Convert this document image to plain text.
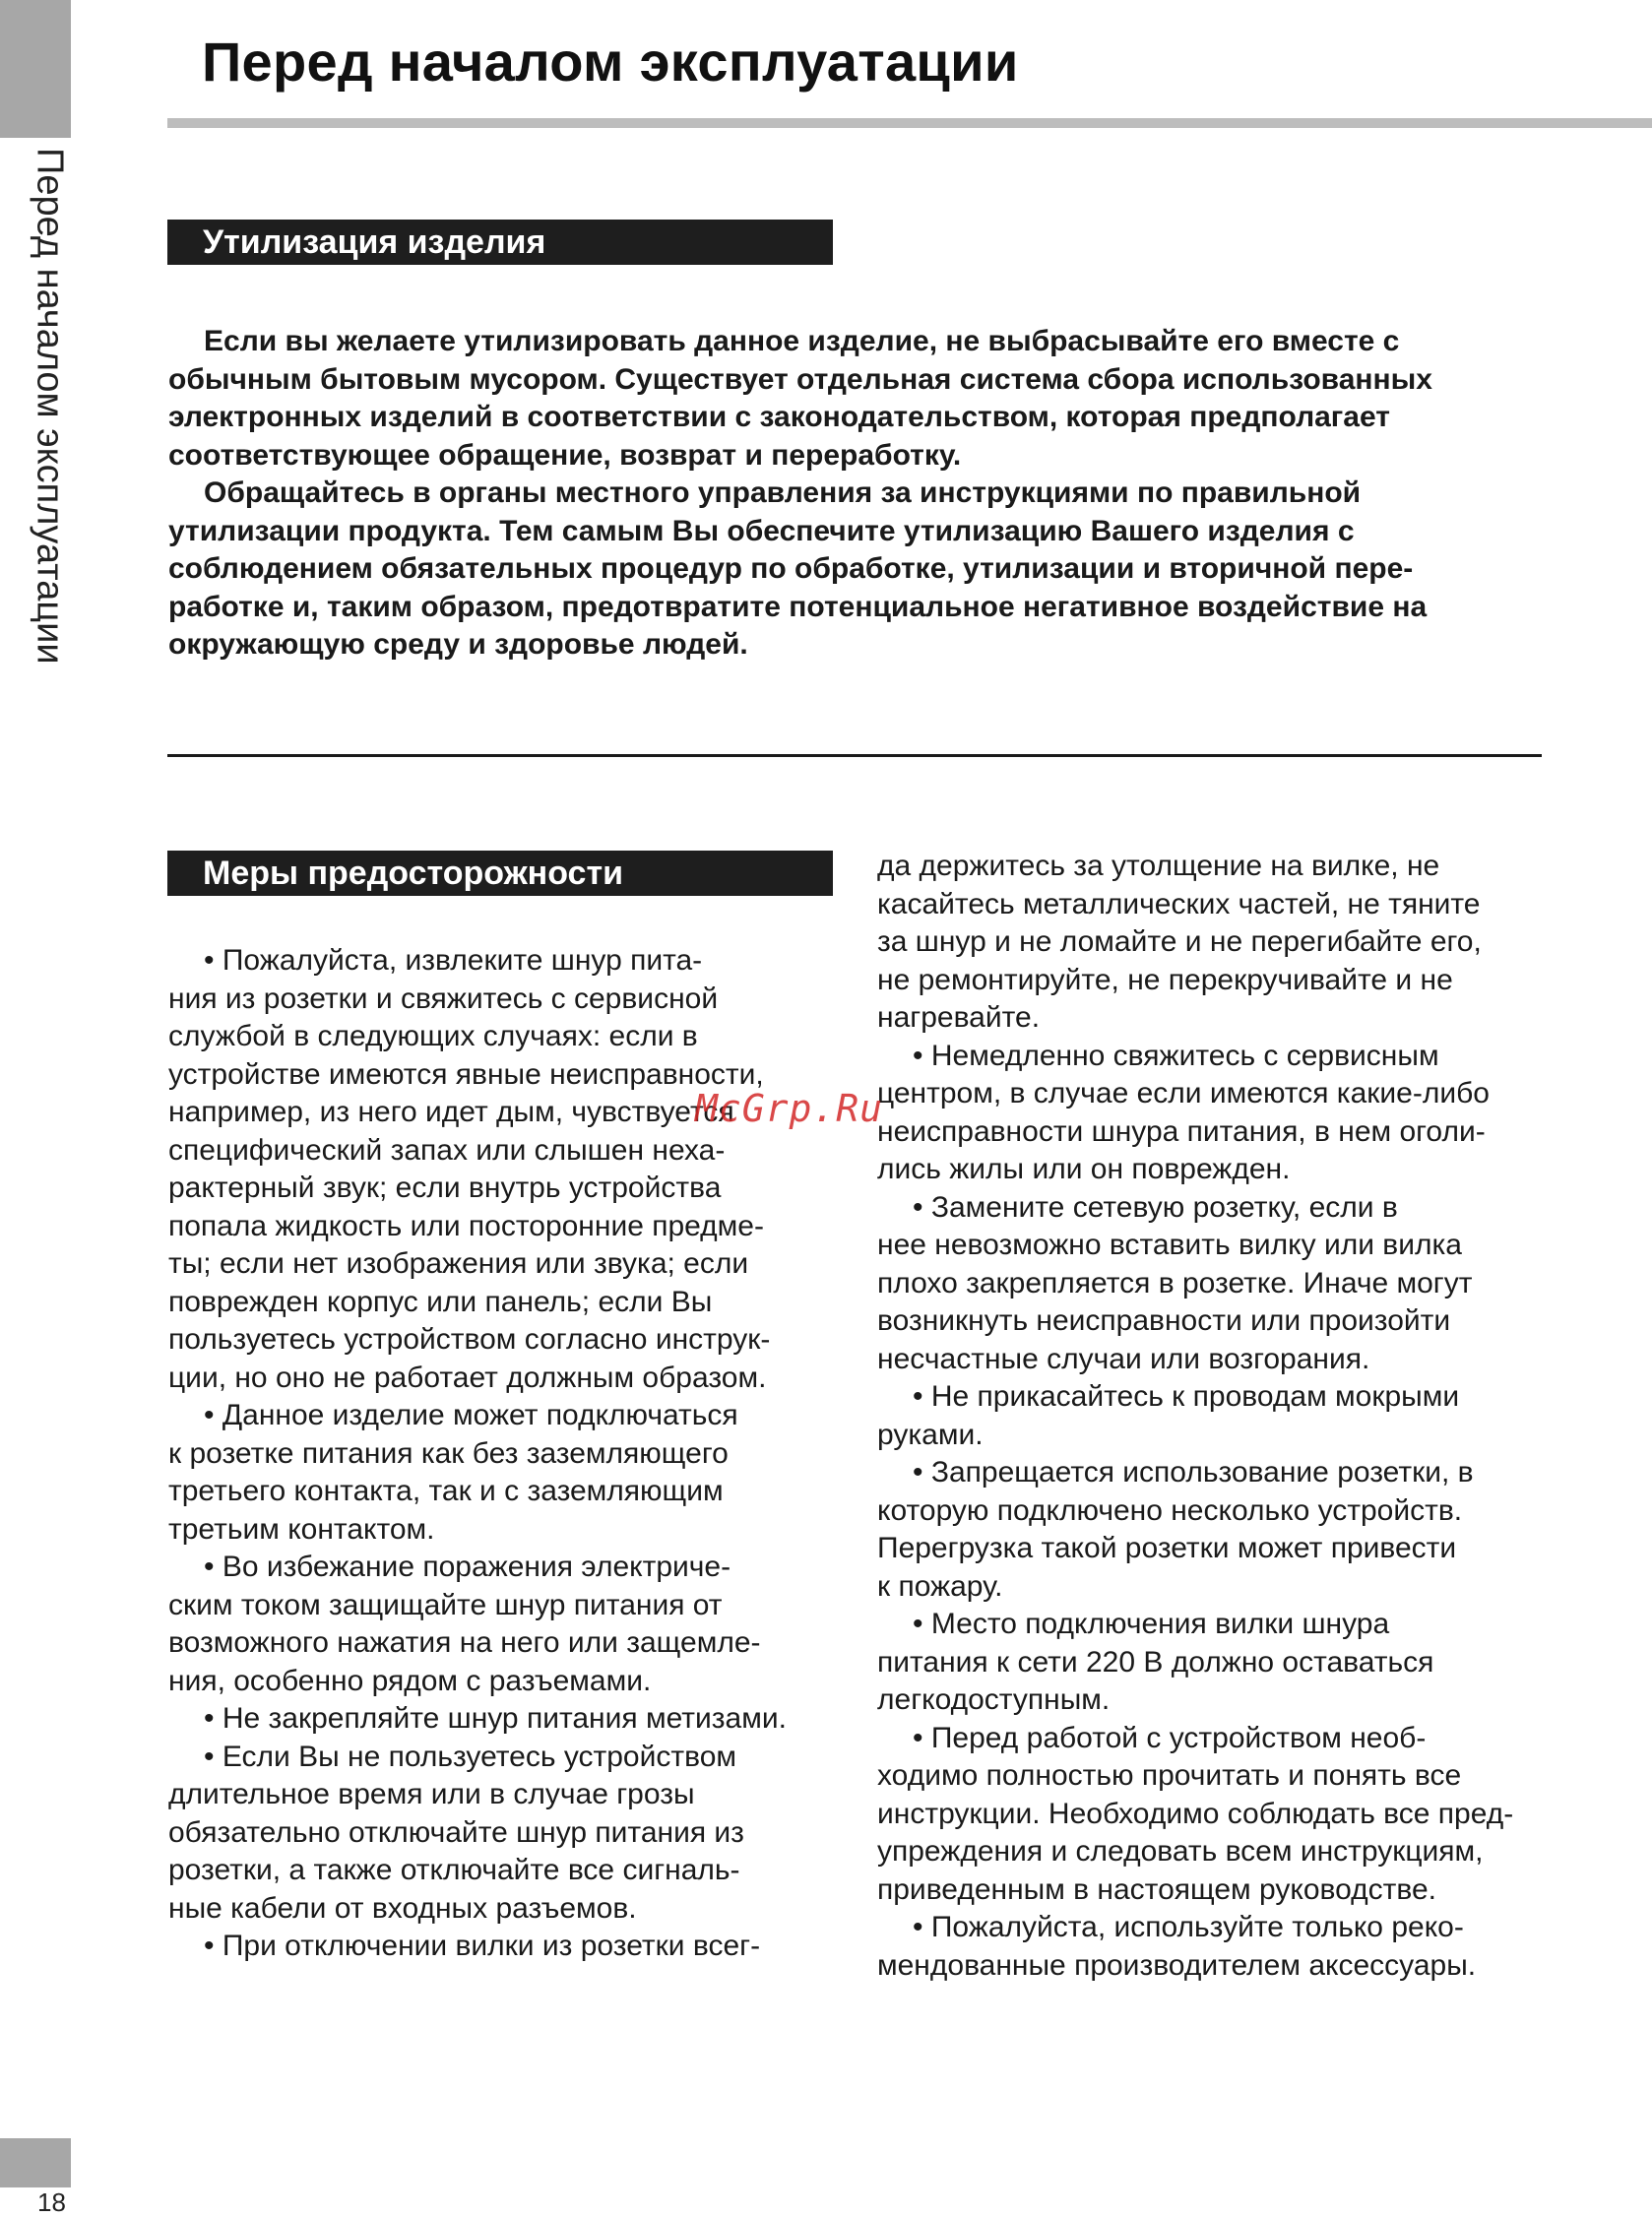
Перед началом эксплуатации
Перед началом эксплуатации
Утилизация изделия

Если вы желаете утилизировать данное изделие, не выбрасывайте его вместе с

обычным бытовым мусором. Существует отдельная система сбора использованных

электронных изделий в соответствии с законодательством, которая предполагает

соответствующее обращение, возврат и переработку.

Обращайтесь в органы местного управления за инструкциями по правильной

утилизации продукта. Тем самым Вы обеспечите утилизацию Вашего изделия с

соблюдением обязательных процедур по обработке, утилизации и вторичной пере-

работке и, таким образом, предотвратите потенциальное негативное воздействие на

окружающую среду и здоровье людей.

Меры предосторожности

• Пожалуйста, извлеките шнур пита-

ния из розетки и свяжитесь с сервисной

службой в следующих случаях: если в

устройстве имеются явные неисправности,

например, из него идет дым, чувствуется

специфический запах или слышен неха-

рактерный звук; если внутрь устройства

попала жидкость или посторонние предме-

ты; если нет изображения или звука; если

поврежден корпус или панель; если Вы

пользуетесь устройством согласно инструк-

ции, но оно не работает должным образом.

• Данное изделие может подключаться

к розетке питания как без заземляющего

третьего контакта, так и с заземляющим

третьим контактом.

• Во избежание поражения электриче-

ским током защищайте шнур питания от

возможного нажатия на него или защемле-

ния, особенно рядом с разъемами.

• Не закрепляйте шнур питания метизами.

• Если Вы не пользуетесь устройством

длительное время или в случае грозы

обязательно отключайте шнур питания из

розетки, а также отключайте все сигналь-

ные кабели от входных разъемов.

• При отключении вилки из розетки всег-

да держитесь за утолщение на вилке, не

касайтесь металлических частей, не тяните

за шнур и не ломайте и не перегибайте его,

не ремонтируйте, не перекручивайте и не

нагревайте.

• Немедленно свяжитесь с сервисным

центром, в случае если имеются какие-либо

неисправности шнура питания, в нем оголи-

лись жилы или он поврежден.

• Замените сетевую розетку, если в

нее невозможно вставить вилку или вилка

плохо закрепляется в розетке. Иначе могут

возникнуть неисправности или произойти

несчастные случаи или возгорания.

• Не прикасайтесь к проводам мокрыми

руками.

• Запрещается использование розетки, в

которую подключено несколько устройств.

Перегрузка такой розетки может привести

к пожару.

• Место подключения вилки шнура

питания к сети 220 В должно оставаться

легкодоступным.

• Перед работой с устройством необ-

ходимо полностью прочитать и понять все

инструкции. Необходимо соблюдать все пред-

упреждения и следовать всем инструкциям,

приведенным в настоящем руководстве.

• Пожалуйста, используйте только реко-

мендованные производителем аксессуары.

McGrp.Ru
18
